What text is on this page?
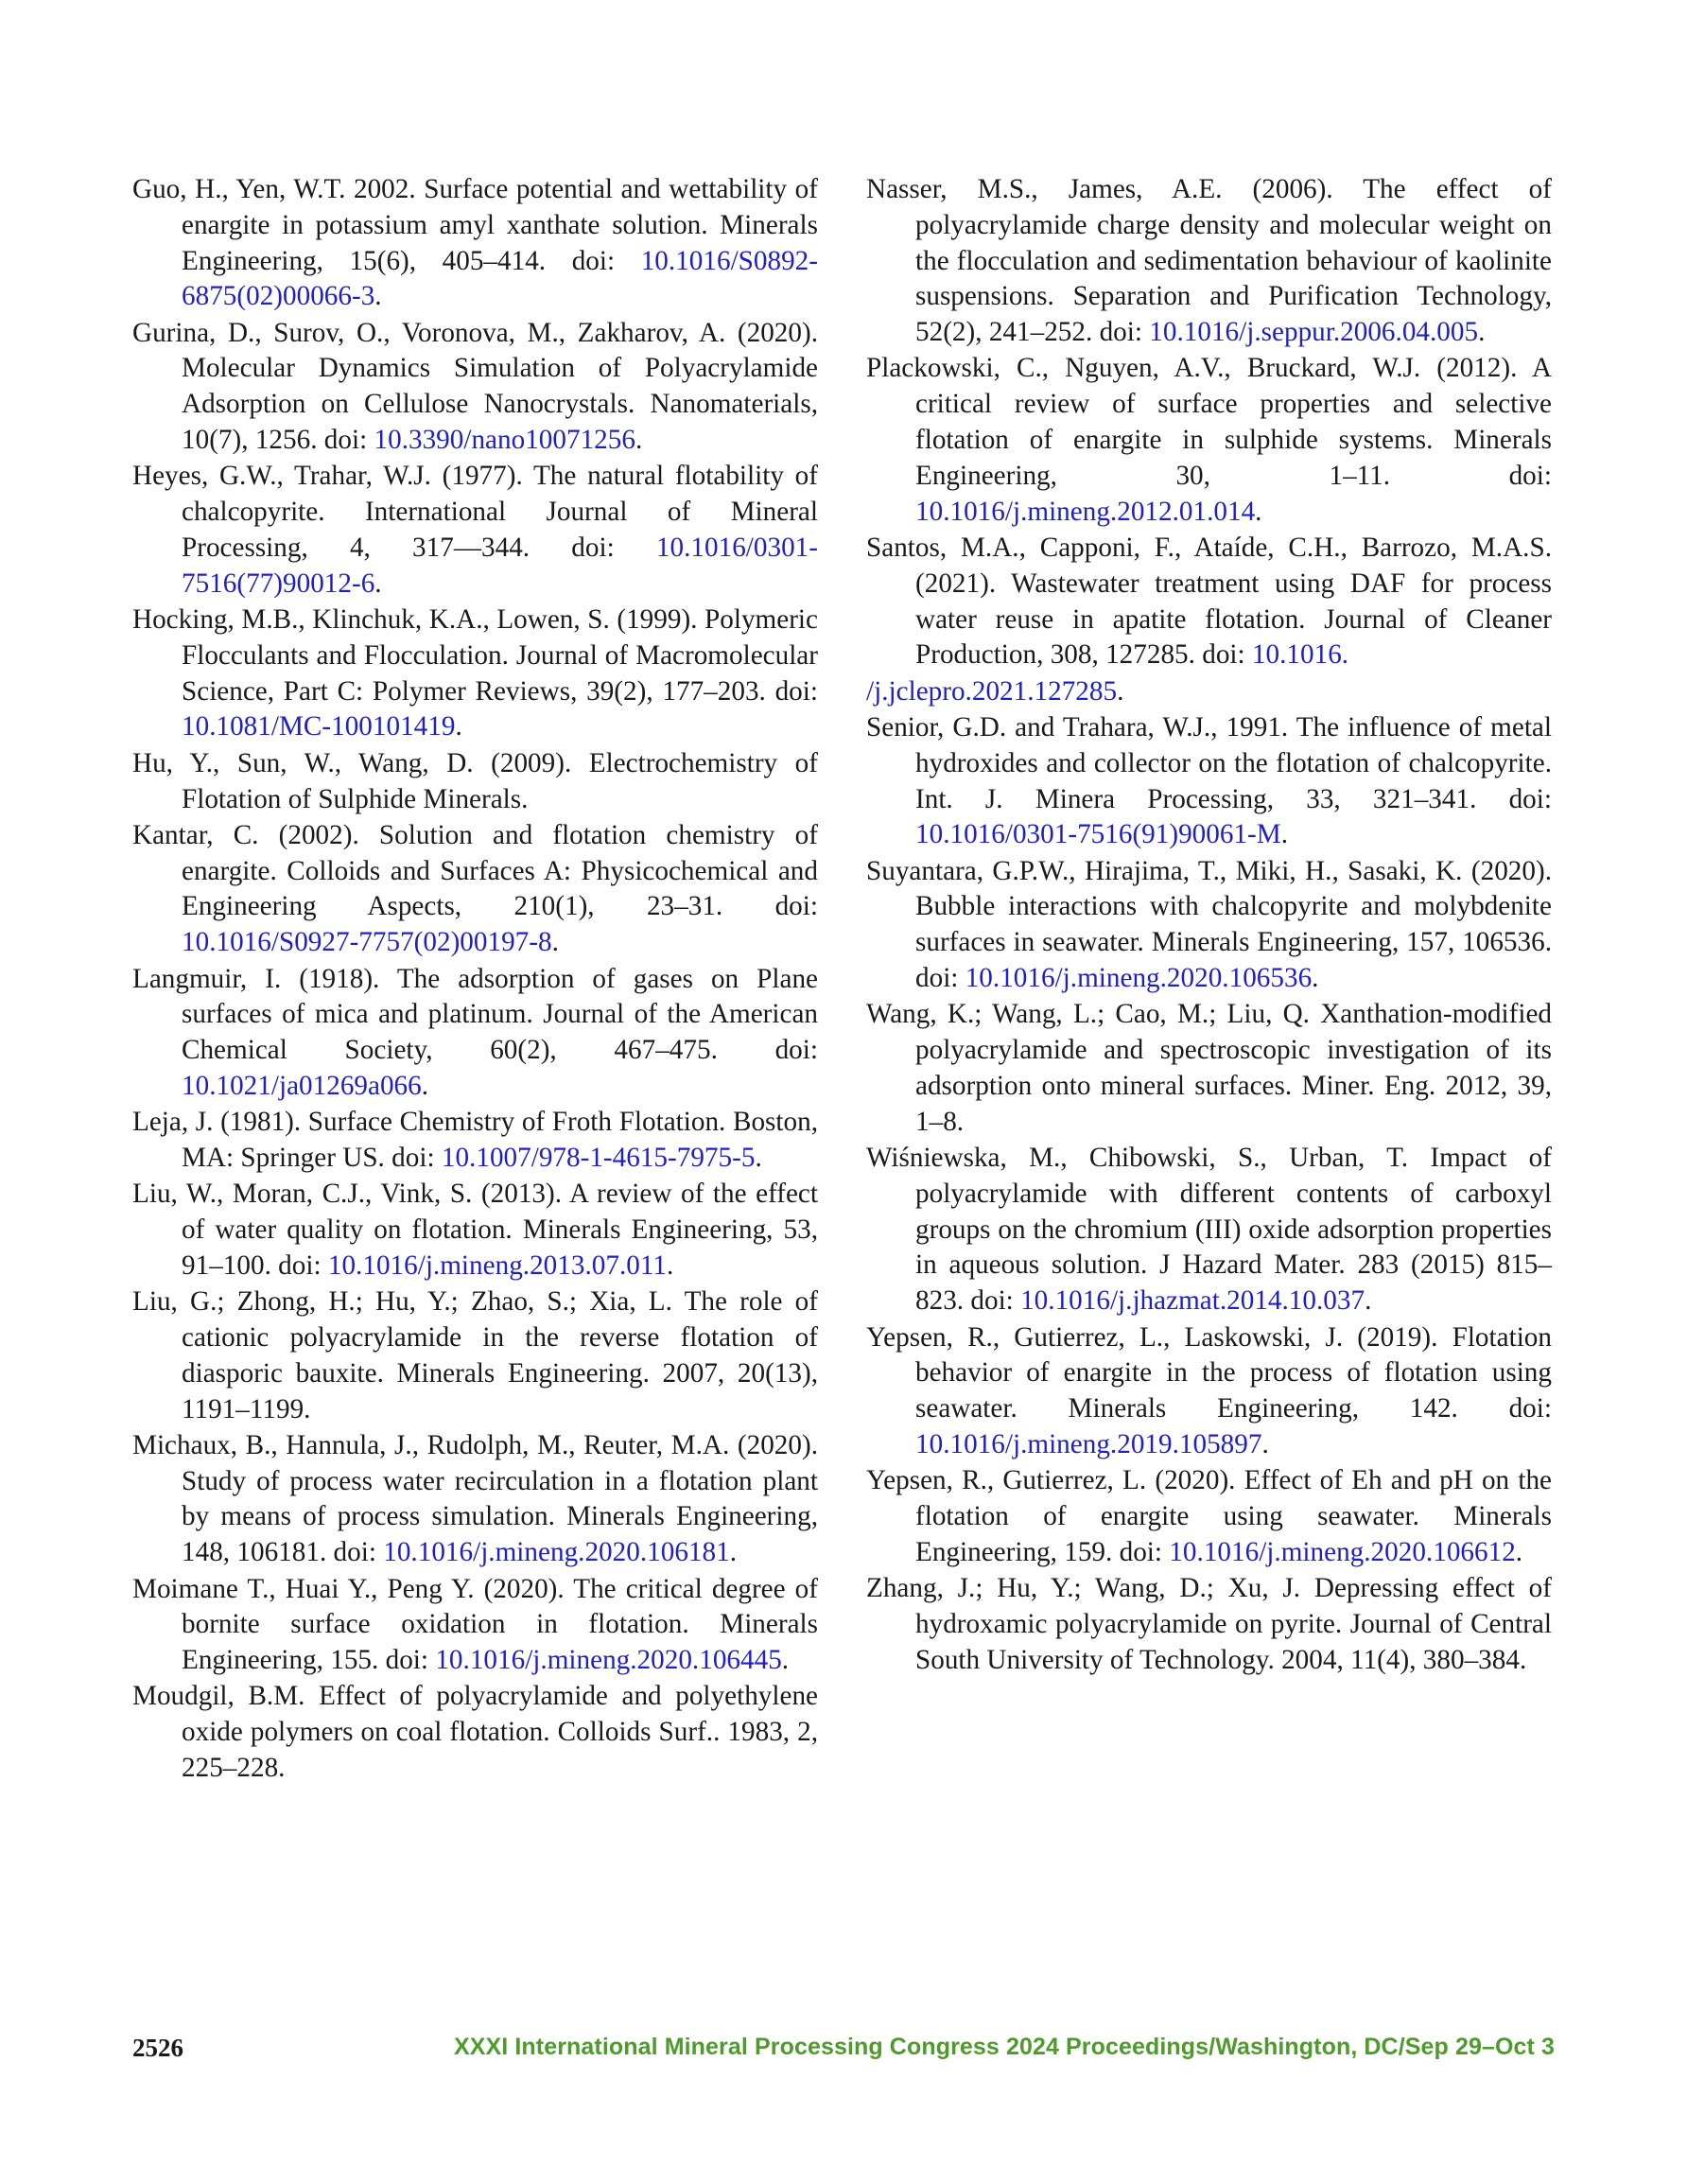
Guo, H., Yen, W.T. 2002. Surface potential and wettability of enargite in potassium amyl xanthate solution. Minerals Engineering, 15(6), 405–414. doi: 10.1016/S0892-6875(02)00066-3.

Gurina, D., Surov, O., Voronova, M., Zakharov, A. (2020). Molecular Dynamics Simulation of Polyacrylamide Adsorption on Cellulose Nanocrystals. Nanomaterials, 10(7), 1256. doi: 10.3390/nano10071256.

Heyes, G.W., Trahar, W.J. (1977). The natural flotability of chalcopyrite. International Journal of Mineral Processing, 4, 317––344. doi: 10.1016/0301-7516(77)90012-6.

Hocking, M.B., Klinchuk, K.A., Lowen, S. (1999). Polymeric Flocculants and Flocculation. Journal of Macromolecular Science, Part C: Polymer Reviews, 39(2), 177–203. doi: 10.1081/MC-100101419.

Hu, Y., Sun, W., Wang, D. (2009). Electrochemistry of Flotation of Sulphide Minerals.

Kantar, C. (2002). Solution and flotation chemistry of enargite. Colloids and Surfaces A: Physicochemical and Engineering Aspects, 210(1), 23–31. doi: 10.1016/S0927-7757(02)00197-8.

Langmuir, I. (1918). The adsorption of gases on Plane surfaces of mica and platinum. Journal of the American Chemical Society, 60(2), 467–475. doi: 10.1021/ja01269a066.

Leja, J. (1981). Surface Chemistry of Froth Flotation. Boston, MA: Springer US. doi: 10.1007/978-1-4615-7975-5.

Liu, W., Moran, C.J., Vink, S. (2013). A review of the effect of water quality on flotation. Minerals Engineering, 53, 91–100. doi: 10.1016/j.mineng.2013.07.011.

Liu, G.; Zhong, H.; Hu, Y.; Zhao, S.; Xia, L. The role of cationic polyacrylamide in the reverse flotation of diasporic bauxite. Minerals Engineering. 2007, 20(13), 1191–1199.

Michaux, B., Hannula, J., Rudolph, M., Reuter, M.A. (2020). Study of process water recirculation in a flotation plant by means of process simulation. Minerals Engineering, 148, 106181. doi: 10.1016/j.mineng.2020.106181.

Moimane T., Huai Y., Peng Y. (2020). The critical degree of bornite surface oxidation in flotation. Minerals Engineering, 155. doi: 10.1016/j.mineng.2020.106445.

Moudgil, B.M. Effect of polyacrylamide and polyethylene oxide polymers on coal flotation. Colloids Surf.. 1983, 2, 225–228.

Nasser, M.S., James, A.E. (2006). The effect of polyacrylamide charge density and molecular weight on the flocculation and sedimentation behaviour of kaolinite suspensions. Separation and Purification Technology, 52(2), 241–252. doi: 10.1016/j.seppur.2006.04.005.

Plackowski, C., Nguyen, A.V., Bruckard, W.J. (2012). A critical review of surface properties and selective flotation of enargite in sulphide systems. Minerals Engineering, 30, 1–11. doi: 10.1016/j.mineng.2012.01.014.

Santos, M.A., Capponi, F., Ataíde, C.H., Barrozo, M.A.S. (2021). Wastewater treatment using DAF for process water reuse in apatite flotation. Journal of Cleaner Production, 308, 127285. doi: 10.1016.

/j.jclepro.2021.127285.

Senior, G.D. and Trahara, W.J., 1991. The influence of metal hydroxides and collector on the flotation of chalcopyrite. Int. J. Minera Processing, 33, 321–341. doi: 10.1016/0301-7516(91)90061-M.

Suyantara, G.P.W., Hirajima, T., Miki, H., Sasaki, K. (2020). Bubble interactions with chalcopyrite and molybdenite surfaces in seawater. Minerals Engineering, 157, 106536. doi: 10.1016/j.mineng.2020.106536.

Wang, K.; Wang, L.; Cao, M.; Liu, Q. Xanthation-modified polyacrylamide and spectroscopic investigation of its adsorption onto mineral surfaces. Miner. Eng. 2012, 39, 1–8.

Wiśniewska, M., Chibowski, S., Urban, T. Impact of polyacrylamide with different contents of carboxyl groups on the chromium (III) oxide adsorption properties in aqueous solution. J Hazard Mater. 283 (2015) 815–823. doi: 10.1016/j.jhazmat.2014.10.037.

Yepsen, R., Gutierrez, L., Laskowski, J. (2019). Flotation behavior of enargite in the process of flotation using seawater. Minerals Engineering, 142. doi: 10.1016/j.mineng.2019.105897.

Yepsen, R., Gutierrez, L. (2020). Effect of Eh and pH on the flotation of enargite using seawater. Minerals Engineering, 159. doi: 10.1016/j.mineng.2020.106612.

Zhang, J.; Hu, Y.; Wang, D.; Xu, J. Depressing effect of hydroxamic polyacrylamide on pyrite. Journal of Central South University of Technology. 2004, 11(4), 380–384.

2526	XXXI International Mineral Processing Congress 2024 Proceedings/Washington, DC/Sep 29–Oct 3
